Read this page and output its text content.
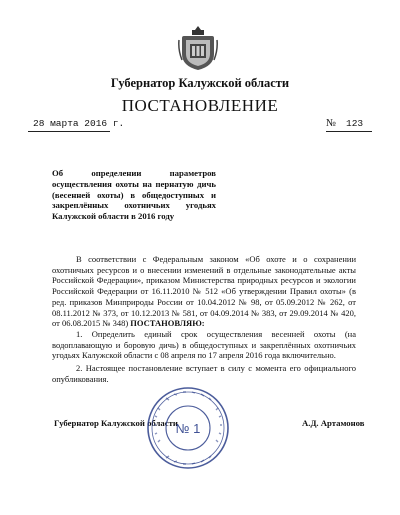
Губернатор Калужской области
ПОСТАНОВЛЕНИЕ
28 марта 2016 г.	№ 123
Об определении параметров осуществления охоты на пернатую дичь (весенней охоты) в общедоступных и закреплённых охотничьих угодьях Калужской области в 2016 году

В соответствии с Федеральным законом «Об охоте и о сохранении охотничьих ресурсов и о внесении изменений в отдельные законодательные акты Российской Федерации», приказом Министерства природных ресурсов и экологии Российской Федерации от 16.11.2010 № 512 «Об утверждении Правил охоты» (в ред. приказов Минприроды России от 10.04.2012 № 98, от 05.09.2012 № 262, от 08.11.2012 № 373, от 10.12.2013 № 581, от 04.09.2014 № 383, от 29.09.2014 № 420, от 06.08.2015 № 348) ПОСТАНОВЛЯЮ:

1. Определить единый срок осуществления весенней охоты (на водоплавающую и боровую дичь) в общедоступных и закреплённых охотничьих угодьях Калужской области с 08 апреля по 17 апреля 2016 года включительно.

2. Настоящее постановление вступает в силу с момента его официального опубликования.

Губернатор Калужской области	А.Д. Артамонов
№ 1
